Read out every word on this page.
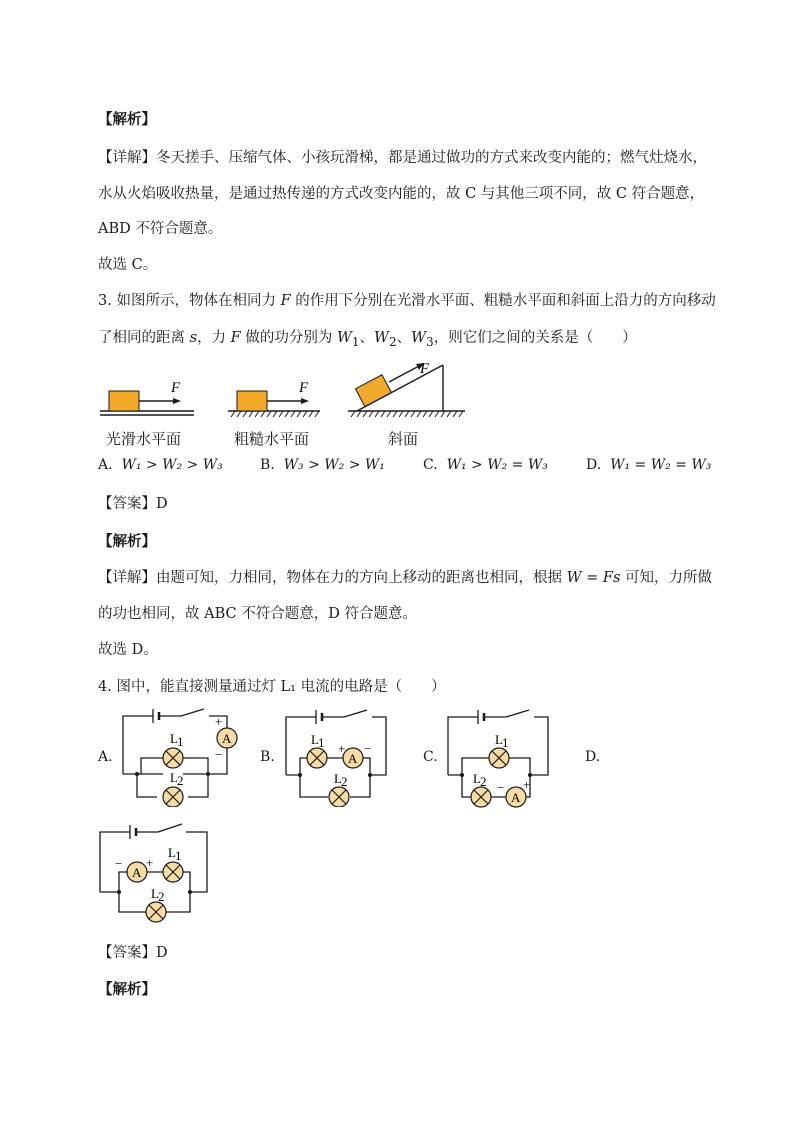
【解析】
【详解】冬天搓手、压缩气体、小孩玩滑梯，都是通过做功的方式来改变内能的；燃气灶烧水，
水从火焰吸收热量，是通过热传递的方式改变内能的，故 C 与其他三项不同，故 C 符合题意，
ABD 不符合题意。
故选 C。
3. 如图所示，物体在相同力 F 的作用下分别在光滑水平面、粗糙水平面和斜面上沿力的方向移动
了相同的距离 s，力 F 做的功分别为 $W_1$、$W_2$、$W_3$，则它们之间的关系是（　　）
F	F
F
光滑水平面	粗糙水平面	斜面
A. W₁ > W₂ > W₃	B. W₃ > W₂ > W₁	C. W₁ > W₂ = W₃	D. W₁ = W₂ = W₃
【答案】D
【解析】
【详解】由题可知，力相同，物体在力的方向上移动的距离也相同，根据 W = Fs 可知，力所做
的功也相同，故 ABC 不符合题意，D 符合题意。
故选 D。
4. 图中，能直接测量通过灯 L₁ 电流的电路是（　　）
A.
A
+
−
L 1
L 2
B.	A
+ −
L 1
L 2
C.
A
− +
L 1
L 2
D.
A
− +
L 1
L 2
【答案】D
【解析】
